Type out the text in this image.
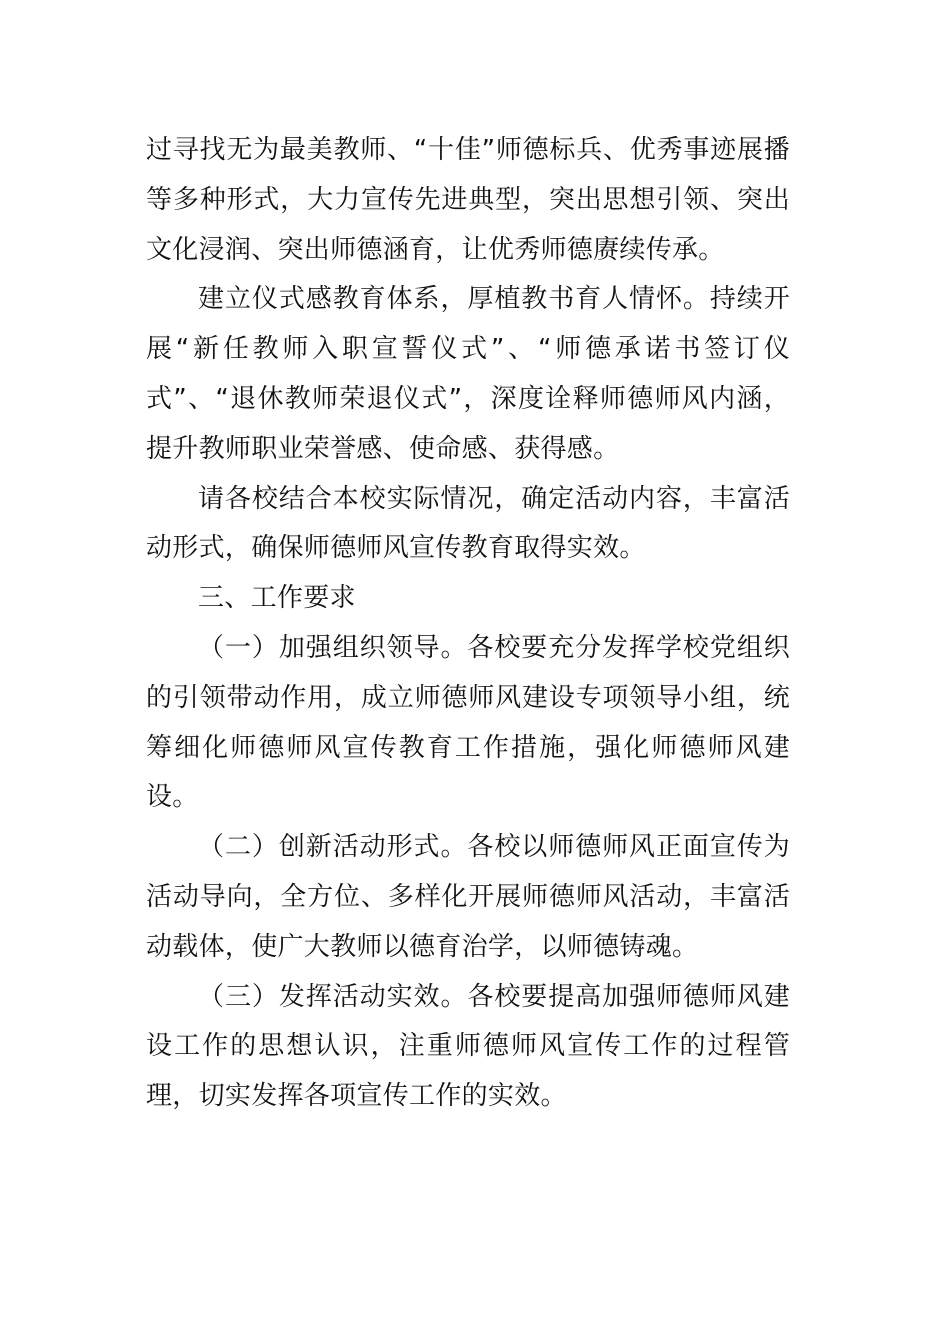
过寻找无为最美教师、“十佳”师德标兵、优秀事迹展播等多种形式，大力宣传先进典型，突出思想引领、突出文化浸润、突出师德涵育，让优秀师德赓续传承。

建立仪式感教育体系，厚植教书育人情怀。持续开展“新任教师入职宣誓仪式”、“师德承诺书签订仪式”、“退休教师荣退仪式”，深度诠释师德师风内涵，提升教师职业荣誉感、使命感、获得感。

请各校结合本校实际情况，确定活动内容，丰富活动形式，确保师德师风宣传教育取得实效。

三、工作要求

（一）加强组织领导。各校要充分发挥学校党组织的引领带动作用，成立师德师风建设专项领导小组，统筹细化师德师风宣传教育工作措施，强化师德师风建设。

（二）创新活动形式。各校以师德师风正面宣传为活动导向，全方位、多样化开展师德师风活动，丰富活动载体，使广大教师以德育治学，以师德铸魂。

（三）发挥活动实效。各校要提高加强师德师风建设工作的思想认识，注重师德师风宣传工作的过程管理，切实发挥各项宣传工作的实效。
